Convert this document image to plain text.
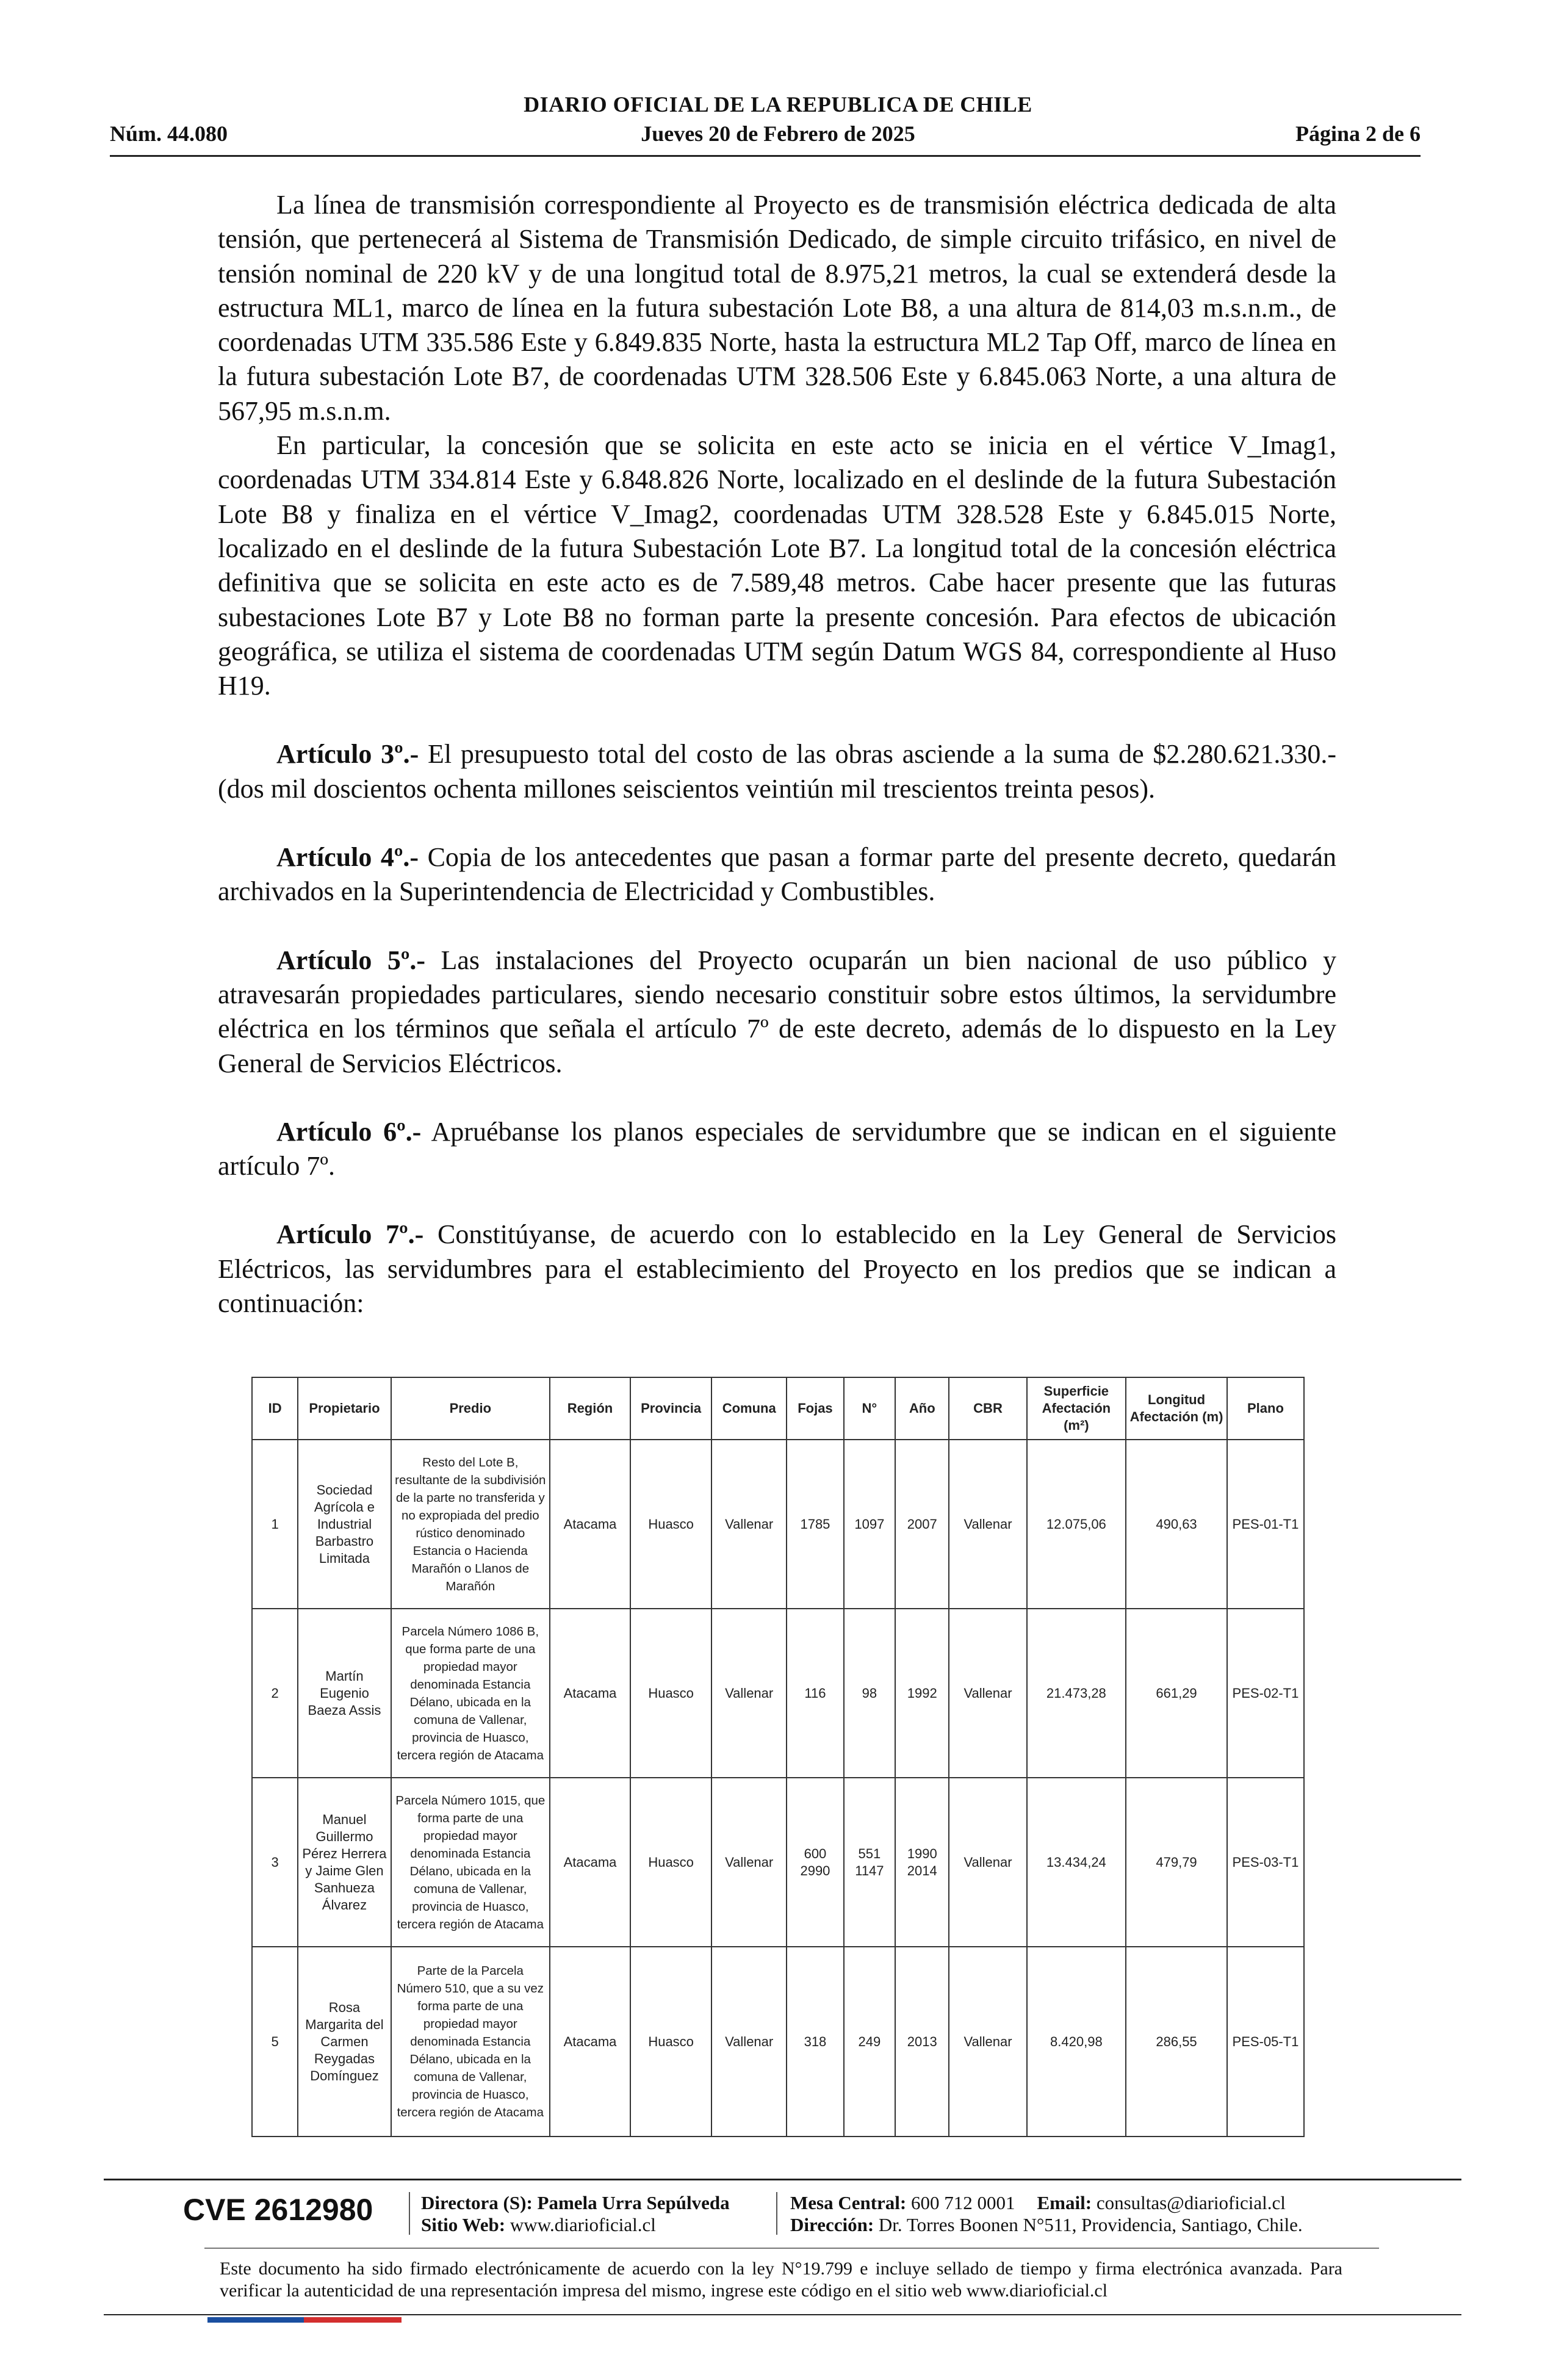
DIARIO OFICIAL DE LA REPUBLICA DE CHILE
Núm. 44.080	Jueves 20 de Febrero de 2025	Página 2 de 6

La línea de transmisión correspondiente al Proyecto es de transmisión eléctrica dedicada de alta tensión, que pertenecerá al Sistema de Transmisión Dedicado, de simple circuito trifásico, en nivel de tensión nominal de 220 kV y de una longitud total de 8.975,21 metros, la cual se extenderá desde la estructura ML1, marco de línea en la futura subestación Lote B8, a una altura de 814,03 m.s.n.m., de coordenadas UTM 335.586 Este y 6.849.835 Norte, hasta la estructura ML2 Tap Off, marco de línea en la futura subestación Lote B7, de coordenadas UTM 328.506 Este y 6.845.063 Norte, a una altura de 567,95 m.s.n.m.

En particular, la concesión que se solicita en este acto se inicia en el vértice V_Imag1, coordenadas UTM 334.814 Este y 6.848.826 Norte, localizado en el deslinde de la futura Subestación Lote B8 y finaliza en el vértice V_Imag2, coordenadas UTM 328.528 Este y 6.845.015 Norte, localizado en el deslinde de la futura Subestación Lote B7. La longitud total de la concesión eléctrica definitiva que se solicita en este acto es de 7.589,48 metros. Cabe hacer presente que las futuras subestaciones Lote B7 y Lote B8 no forman parte la presente concesión. Para efectos de ubicación geográfica, se utiliza el sistema de coordenadas UTM según Datum WGS 84, correspondiente al Huso H19.

Artículo 3º.- El presupuesto total del costo de las obras asciende a la suma de $2.280.621.330.- (dos mil doscientos ochenta millones seiscientos veintiún mil trescientos treinta pesos).

Artículo 4º.- Copia de los antecedentes que pasan a formar parte del presente decreto, quedarán archivados en la Superintendencia de Electricidad y Combustibles.

Artículo 5º.- Las instalaciones del Proyecto ocuparán un bien nacional de uso público y atravesarán propiedades particulares, siendo necesario constituir sobre estos últimos, la servidumbre eléctrica en los términos que señala el artículo 7º de este decreto, además de lo dispuesto en la Ley General de Servicios Eléctricos.

Artículo 6º.- Apruébanse los planos especiales de servidumbre que se indican en el siguiente artículo 7º.

Artículo 7º.- Constitúyanse, de acuerdo con lo establecido en la Ley General de Servicios Eléctricos, las servidumbres para el establecimiento del Proyecto en los predios que se indican a continuación:

ID	Propietario	Predio	Región	Provincia	Comuna	Fojas	N°	Año	CBR	Superficie Afectación (m²)	Longitud Afectación (m)	Plano
1	Sociedad Agrícola e Industrial Barbastro Limitada	Resto del Lote B, resultante de la subdivisión de la parte no transferida y no expropiada del predio rústico denominado Estancia o Hacienda Marañón o Llanos de Marañón	Atacama	Huasco	Vallenar	1785	1097	2007	Vallenar	12.075,06	490,63	PES-01-T1
2	Martín Eugenio Baeza Assis	Parcela Número 1086 B, que forma parte de una propiedad mayor denominada Estancia Délano, ubicada en la comuna de Vallenar, provincia de Huasco, tercera región de Atacama	Atacama	Huasco	Vallenar	116	98	1992	Vallenar	21.473,28	661,29	PES-02-T1
3	Manuel Guillermo Pérez Herrera y Jaime Glen Sanhueza Álvarez	Parcela Número 1015, que forma parte de una propiedad mayor denominada Estancia Délano, ubicada en la comuna de Vallenar, provincia de Huasco, tercera región de Atacama	Atacama	Huasco	Vallenar	600 2990	551 1147	1990 2014	Vallenar	13.434,24	479,79	PES-03-T1
5	Rosa Margarita del Carmen Reygadas Domínguez	Parte de la Parcela Número 510, que a su vez forma parte de una propiedad mayor denominada Estancia Délano, ubicada en la comuna de Vallenar, provincia de Huasco, tercera región de Atacama	Atacama	Huasco	Vallenar	318	249	2013	Vallenar	8.420,98	286,55	PES-05-T1
CVE 2612980	Directora (S): Pamela Urra Sepúlveda
Sitio Web: www.diarioficial.cl
Mesa Central: 600 712 0001 Email: consultas@diarioficial.cl
Dirección: Dr. Torres Boonen N°511, Providencia, Santiago, Chile.
Este documento ha sido firmado electrónicamente de acuerdo con la ley N°19.799 e incluye sellado de tiempo y firma electrónica avanzada. Para verificar la autenticidad de una representación impresa del mismo, ingrese este código en el sitio web www.diarioficial.cl
